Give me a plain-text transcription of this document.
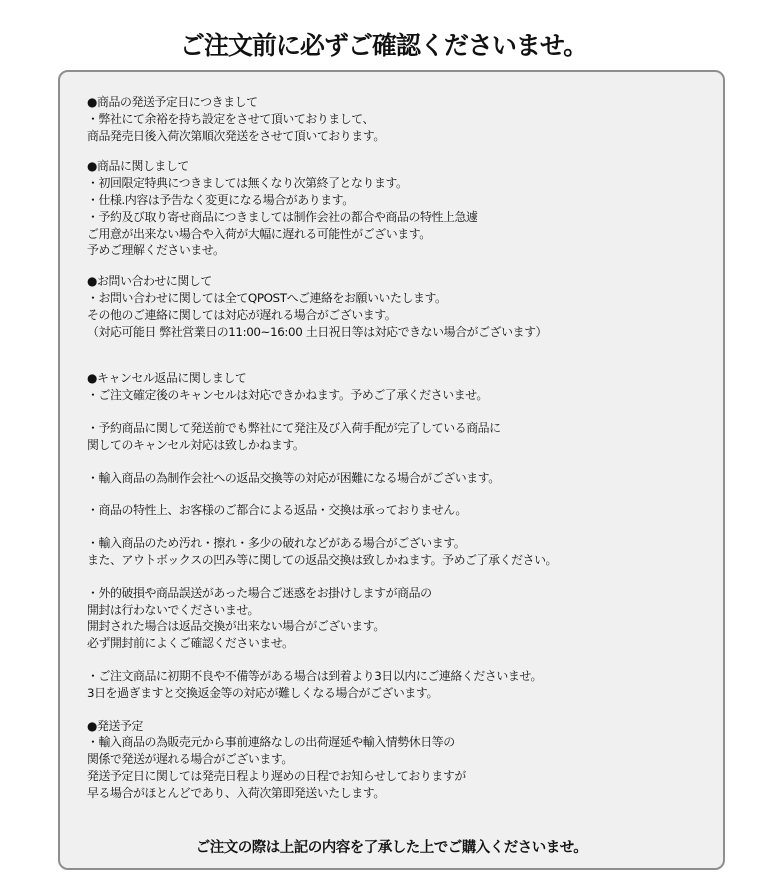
ご注文前に必ずご確認くださいませ。
●商品の発送予定日につきまして
・弊社にて余裕を持ち設定をさせて頂いておりまして、
商品発売日後入荷次第順次発送をさせて頂いております。
●商品に関しまして
・初回限定特典につきましては無くなり次第終了となります。
・仕様.内容は予告なく変更になる場合があります。
・予約及び取り寄せ商品につきましては制作会社の都合や商品の特性上急遽
ご用意が出来ない場合や入荷が大幅に遅れる可能性がございます。
予めご理解くださいませ。
●お問い合わせに関して
・お問い合わせに関しては全てQPOSTへご連絡をお願いいたします。
その他のご連絡に関しては対応が遅れる場合がございます。
（対応可能日 弊社営業日の11:00~16:00 土日祝日等は対応できない場合がございます）
●キャンセル返品に関しまして
・ご注文確定後のキャンセルは対応できかねます。予めご了承くださいませ。
・予約商品に関して発送前でも弊社にて発注及び入荷手配が完了している商品に
関してのキャンセル対応は致しかねます。
・輸入商品の為制作会社への返品交換等の対応が困難になる場合がございます。
・商品の特性上、お客様のご都合による返品・交換は承っておりません。
・輸入商品のため汚れ・擦れ・多少の破れなどがある場合がございます。
また、アウトボックスの凹み等に関しての返品交換は致しかねます。予めご了承ください。
・外的破損や商品誤送があった場合ご迷惑をお掛けしますが商品の
開封は行わないでくださいませ。
開封された場合は返品交換が出来ない場合がございます。
必ず開封前によくご確認くださいませ。
・ご注文商品に初期不良や不備等がある場合は到着より3日以内にご連絡くださいませ。
3日を過ぎますと交換返金等の対応が難しくなる場合がございます。
●発送予定
・輸入商品の為販売元から事前連絡なしの出荷遅延や輸入情勢休日等の
関係で発送が遅れる場合がございます。
発送予定日に関しては発売日程より遅めの日程でお知らせしておりますが
早る場合がほとんどであり、入荷次第即発送いたします。
ご注文の際は上記の内容を了承した上でご購入くださいませ。
